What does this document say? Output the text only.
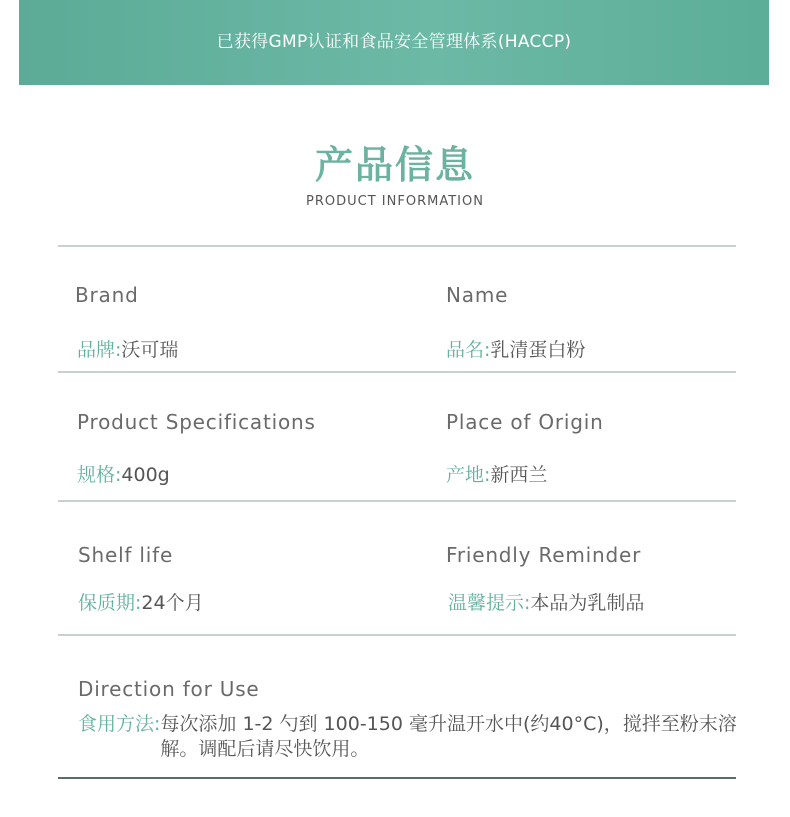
已获得GMP认证和食品安全管理体系(HACCP)
产品信息
PRODUCT INFORMATION
Brand
品牌:沃可瑞
Name
品名:乳清蛋白粉
Product Specifications
规格:400g
Place of Origin
产地:新西兰
Shelf life
保质期:24个月
Friendly Reminder
温馨提示:本品为乳制品
Direction for Use
食用方法: 每次添加 1-2 勺到 100-150 毫升温开水中(约40°C)，搅拌至粉末溶解。调配后请尽快饮用。
